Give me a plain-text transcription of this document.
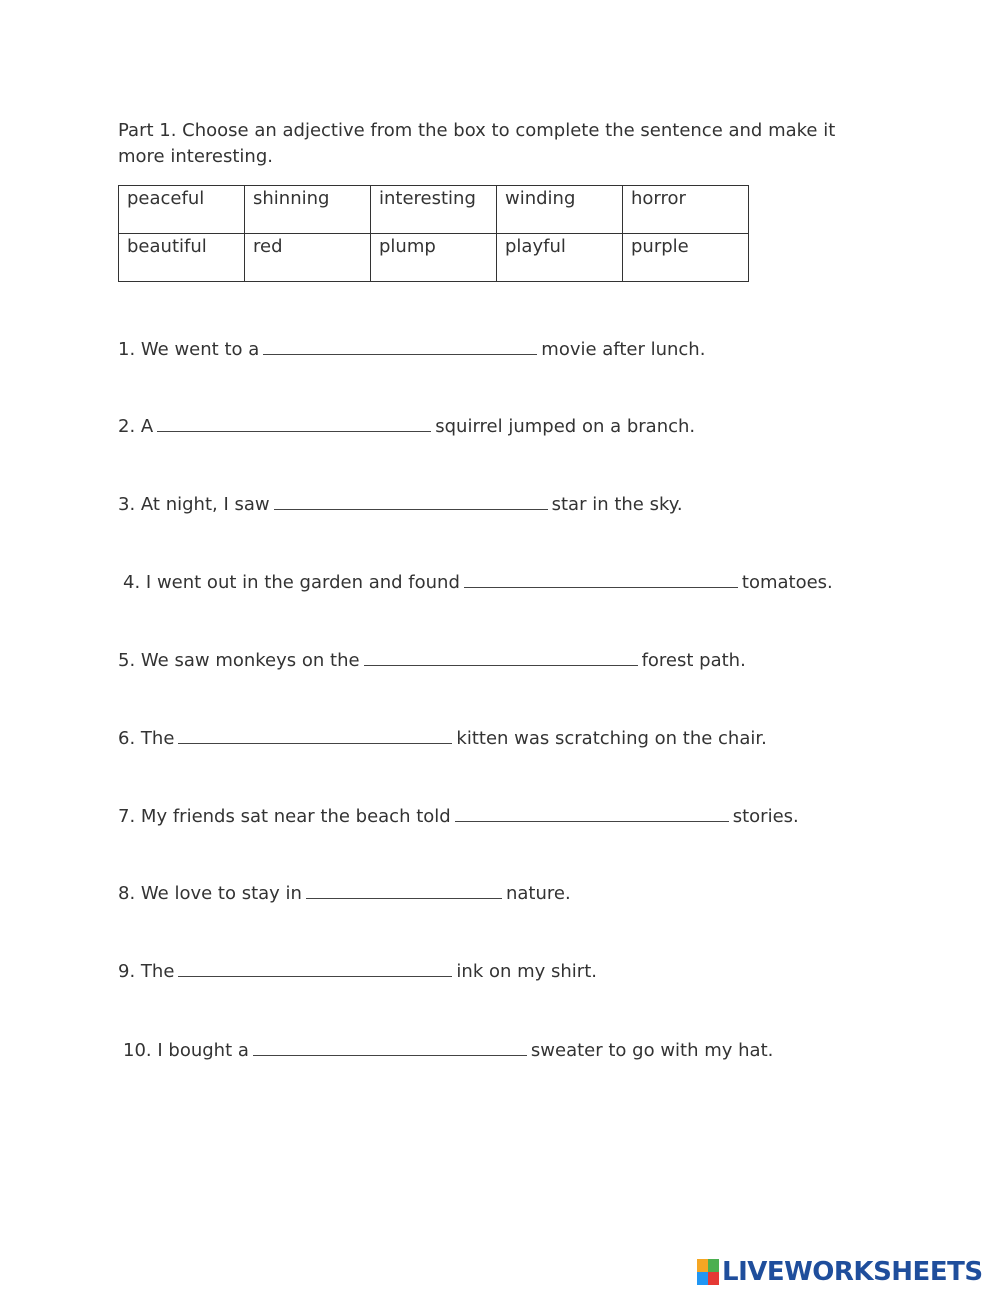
Part 1. Choose an adjective from the box to complete the sentence and make it more interesting.
peaceful	shinning	interesting	winding	horror
beautiful	red	plump	playful	purple
1. We went to a	movie after lunch.
2. A	squirrel jumped on a branch.
3. At night, I saw	star in the sky.
4. I went out in the garden and found	tomatoes.
5. We saw monkeys on the	forest path.
6. The	kitten was scratching on the chair.
7. My friends sat near the beach told	stories.
8. We love to stay in	nature.
9. The	ink on my shirt.
10. I bought a	sweater to go with my hat.
LIVEWORKSHEETS
